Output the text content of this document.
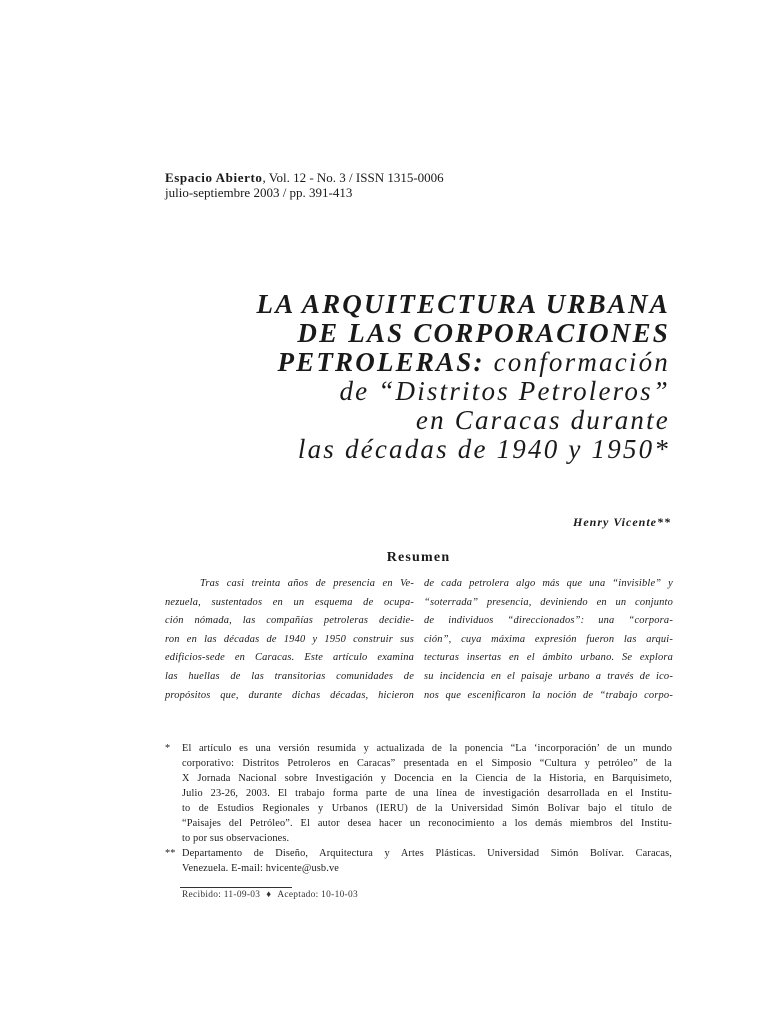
Espacio Abierto, Vol. 12 - No. 3 / ISSN 1315-0006
julio-septiembre 2003 / pp. 391-413
LA ARQUITECTURA URBANA
DE LAS CORPORACIONES
PETROLERAS: conformación
de “Distritos Petroleros”
en Caracas durante
las décadas de 1940 y 1950*
Henry Vicente**
Resumen
Tras casi treinta años de presencia en Ve-
nezuela, sustentados en un esquema de ocupa-
ción nómada, las compañías petroleras decidie-
ron en las décadas de 1940 y 1950 construir sus
edificios-sede en Caracas. Este artículo examina
las huellas de las transitorias comunidades de
propósitos que, durante dichas décadas, hicieron
de cada petrolera algo más que una “invisible” y
“soterrada” presencia, deviniendo en un conjunto
de individuos “direccionados”: una “corpora-
ción”, cuya máxima expresión fueron las arqui-
tecturas insertas en el ámbito urbano. Se explora
su incidencia en el paisaje urbano a través de ico-
nos que escenificaron la noción de “trabajo corpo-
* El artículo es una versión resumida y actualizada de la ponencia “La ‘incorporación’ de un mundo
corporativo: Distritos Petroleros en Caracas” presentada en el Simposio “Cultura y petróleo” de la
X Jornada Nacional sobre Investigación y Docencia en la Ciencia de la Historia, en Barquisimeto,
Julio 23-26, 2003. El trabajo forma parte de una línea de investigación desarrollada en el Institu-
to de Estudios Regionales y Urbanos (IERU) de la Universidad Simón Bolívar bajo el título de
“Paisajes del Petróleo”. El autor desea hacer un reconocimiento a los demás miembros del Institu-
to por sus observaciones.
** Departamento de Diseño, Arquitectura y Artes Plásticas. Universidad Simón Bolívar. Caracas,
Venezuela. E-mail: hvicente@usb.ve
Recibido: 11-09-03 ♦ Aceptado: 10-10-03
